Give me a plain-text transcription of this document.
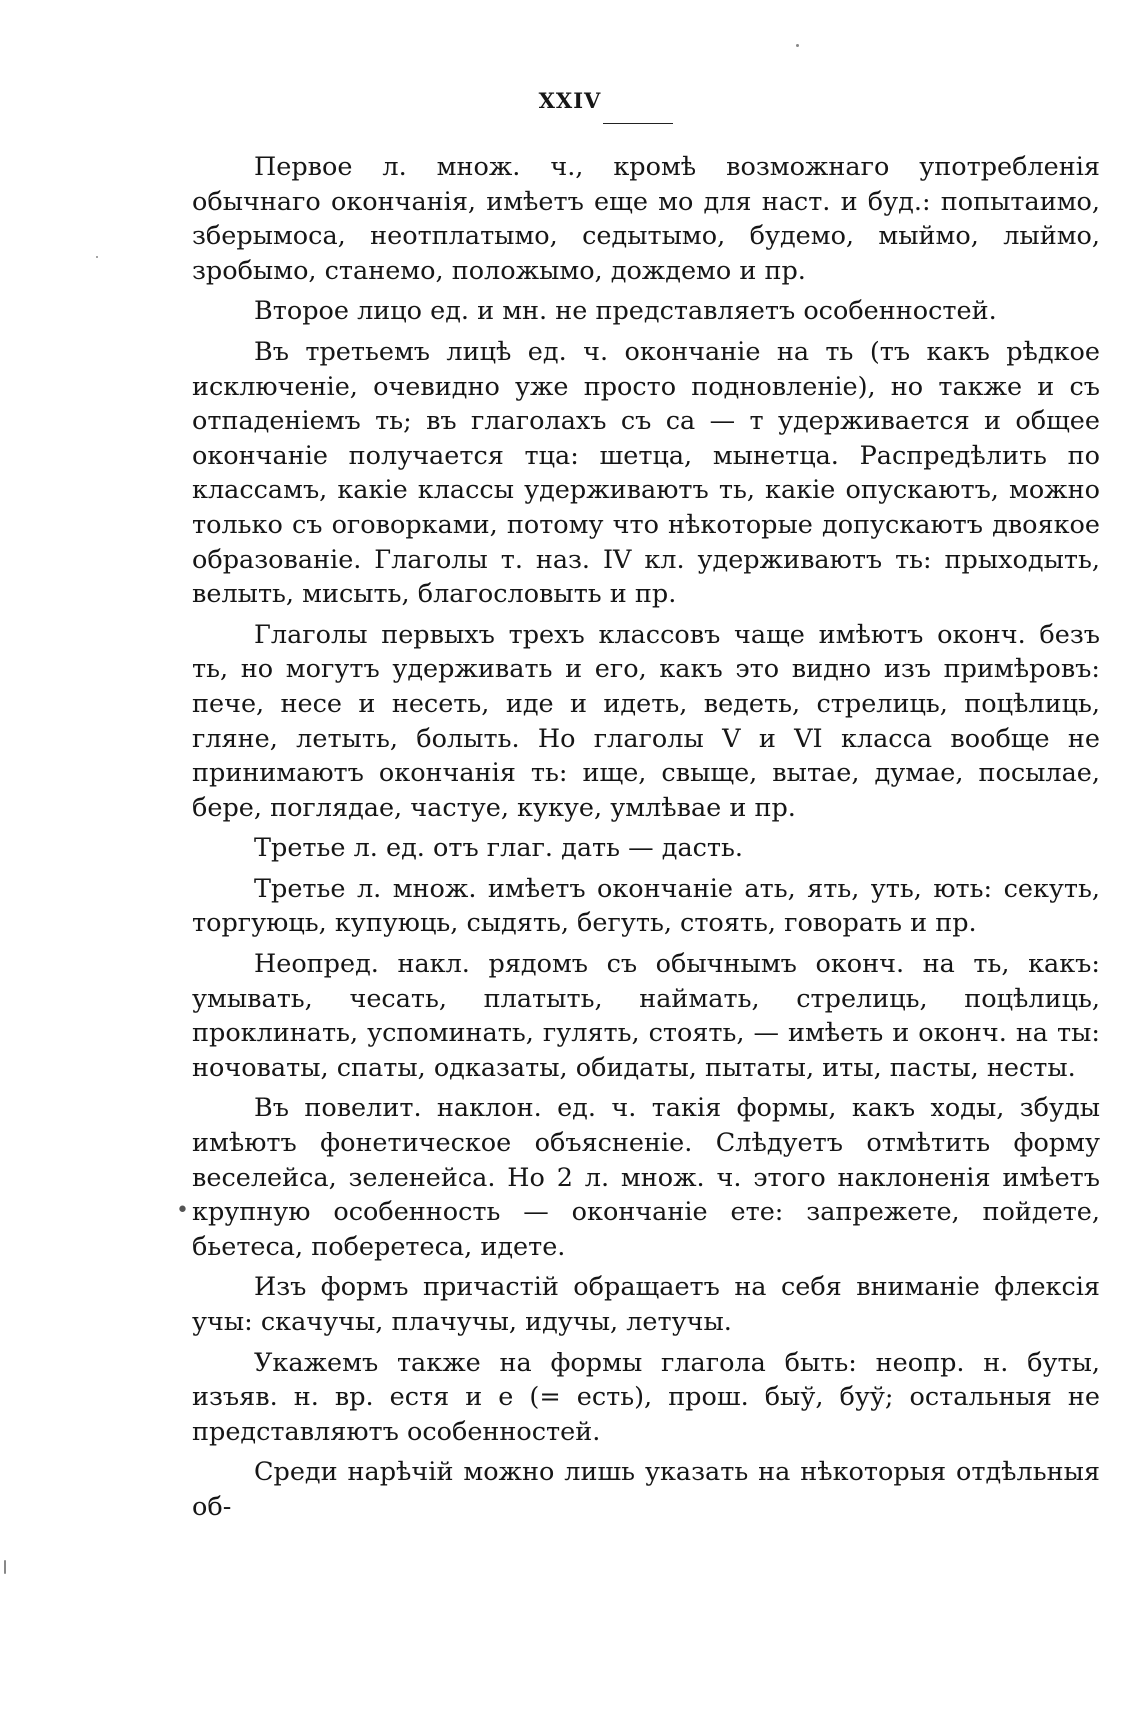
XXIV

Первое л. множ. ч., кромѣ возможнаго употребленія обычнаго окончанія, имѣетъ еще мо для наст. и буд.: попытаимо, зберымоса, неотплатымо, седытымо, будемо, мыймо, лыймо, зробымо, станемо, положымо, дождемо и пр.

Второе лицо ед. и мн. не представляетъ особенностей.

Въ третьемъ лицѣ ед. ч. окончаніе на ть (тъ какъ рѣдкое исключеніе, очевидно уже просто подновленіе), но также и съ отпаденіемъ ть; въ глаголахъ съ са — т удерживается и общее окончаніе получается тца: шетца, мынетца. Распредѣлить по классамъ, какіе классы удерживаютъ ть, какіе опускаютъ, можно только съ оговорками, потому что нѣкоторые допускаютъ двоякое образованіе. Глаголы т. наз. IV кл. удерживаютъ ть: прыходыть, велыть, мисыть, благословыть и пр.

Глаголы первыхъ трехъ классовъ чаще имѣютъ оконч. безъ ть, но могутъ удерживать и его, какъ это видно изъ примѣровъ: пече, несе и несеть, иде и идеть, ведеть, стрелиць, поцѣлиць, гляне, летыть, болыть. Но глаголы V и VI класса вообще не принимаютъ окончанія ть: ище, свыще, вытае, думае, посылае, бере, поглядае, частуе, кукуе, умлѣвае и пр.

Третье л. ед. отъ глаг. дать — дасть.

Третье л. множ. имѣетъ окончаніе ать, ять, уть, ють: секуть, торгуюць, купуюць, сыдять, бегуть, стоять, говорать и пр.

Неопред. накл. рядомъ съ обычнымъ оконч. на ть, какъ: умывать, чесать, платыть, наймать, стрелиць, поцѣлиць, проклинать, успоминать, гулять, стоять, — имѣеть и оконч. на ты: ночоваты, спаты, одказаты, обидаты, пытаты, иты, пасты, несты.

Въ повелит. наклон. ед. ч. такія формы, какъ ходы, збуды имѣютъ фонетическое объясненіе. Слѣдуетъ отмѣтить форму веселейса, зеленейса. Но 2 л. множ. ч. этого наклоненія имѣетъ крупную особенность — окончаніе ете: запрежете, пойдете, бьетеса, поберетеса, идете.

Изъ формъ причастій обращаетъ на себя вниманіе флексія учы: скачучы, плачучы, идучы, летучы.

Укажемъ также на формы глагола быть: неопр. н. буты, изъяв. н. вр. естя и е (= есть), прош. быў, буў; остальныя не представляютъ особенностей.

Среди нарѣчій можно лишь указать на нѣкоторыя отдѣльныя об-

•
